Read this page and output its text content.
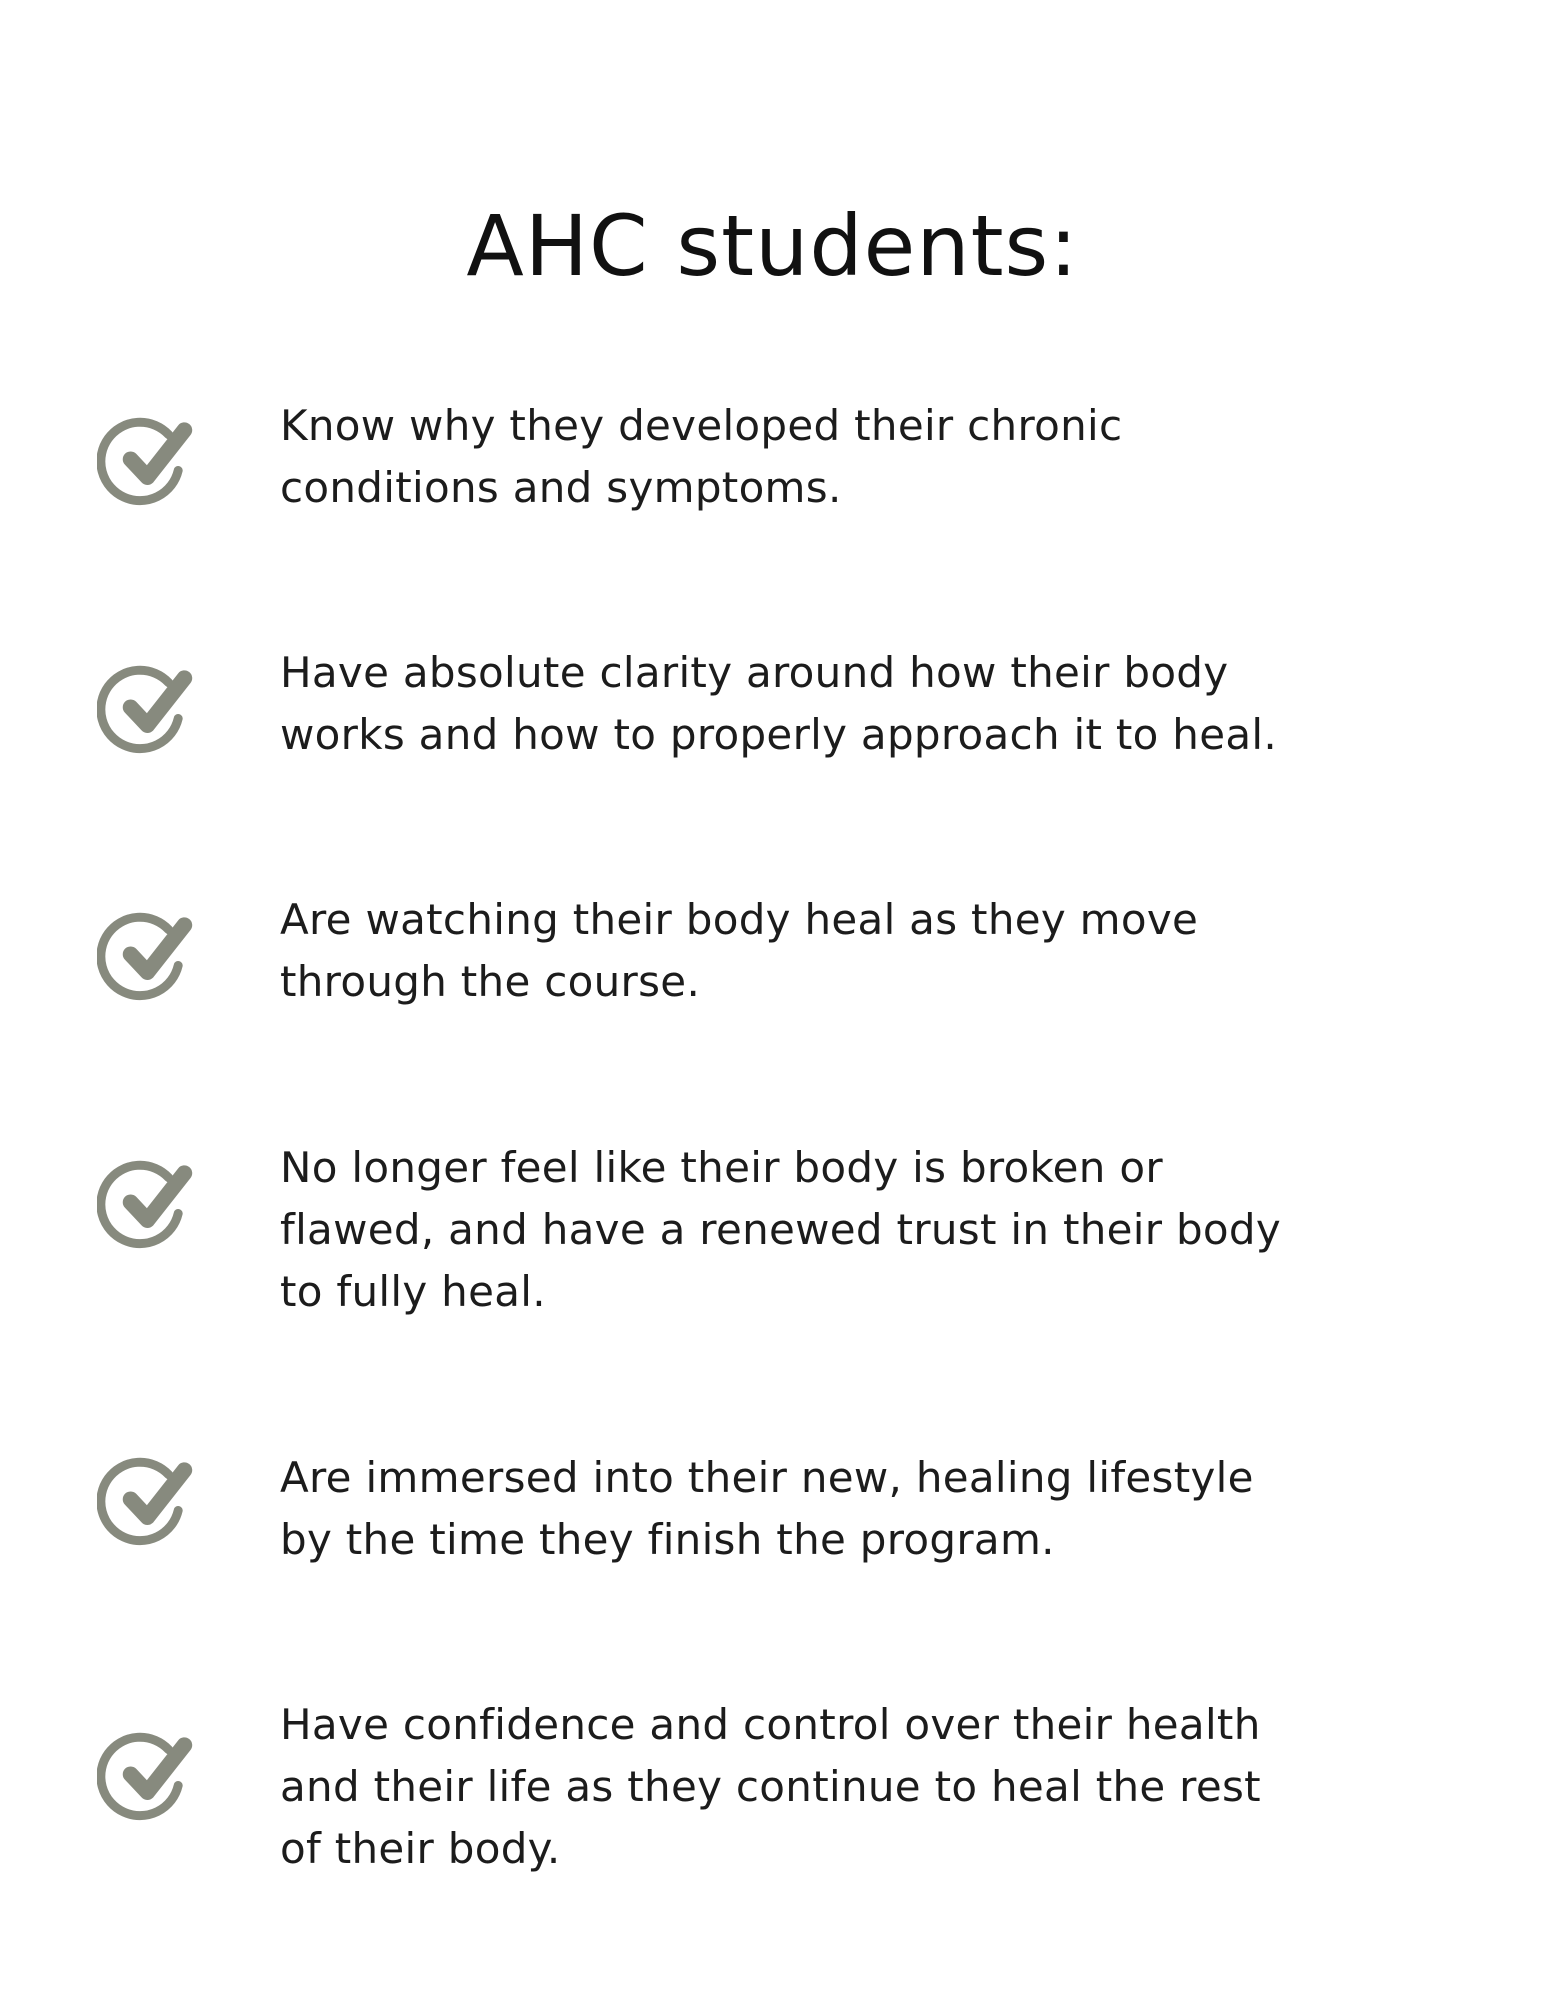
AHC students:

Know why they developed their chronic
conditions and symptoms.

Have absolute clarity around how their body
works and how to properly approach it to heal.

Are watching their body heal as they move
through the course.

No longer feel like their body is broken or
flawed, and have a renewed trust in their body
to fully heal.

Are immersed into their new, healing lifestyle
by the time they finish the program.

Have confidence and control over their health
and their life as they continue to heal the rest
of their body.
